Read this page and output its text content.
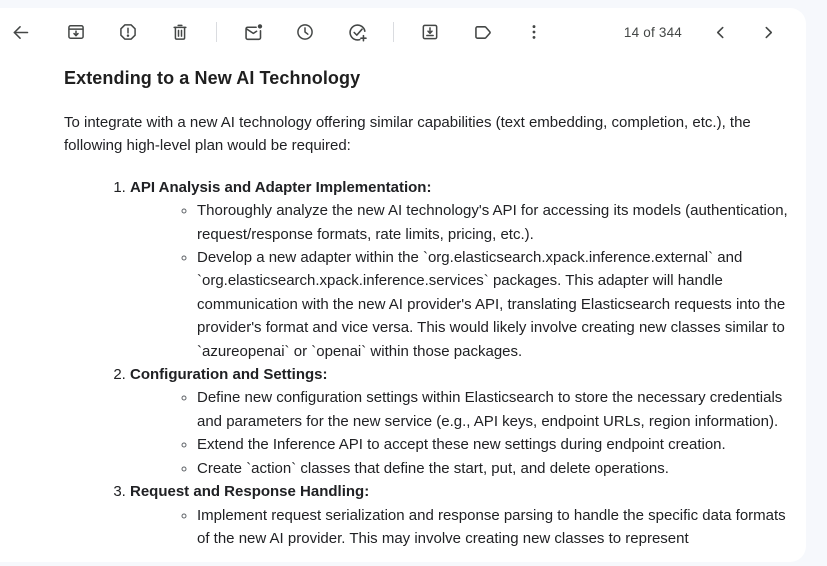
14 of 344
Extending to a New AI Technology

To integrate with a new AI technology offering similar capabilities (text embedding, completion, etc.), the following high-level plan would be required:

1. API Analysis and Adapter Implementation:
◦ Thoroughly analyze the new AI technology's API for accessing its models (authentication, request/response formats, rate limits, pricing, etc.).
◦ Develop a new adapter within the `org.elasticsearch.xpack.inference.external` and `org.elasticsearch.xpack.inference.services` packages. This adapter will handle communication with the new AI provider's API, translating Elasticsearch requests into the provider's format and vice versa. This would likely involve creating new classes similar to `azureopenai` or `openai` within those packages.
2. Configuration and Settings:
◦ Define new configuration settings within Elasticsearch to store the necessary credentials and parameters for the new service (e.g., API keys, endpoint URLs, region information).
◦ Extend the Inference API to accept these new settings during endpoint creation.
◦ Create `action` classes that define the start, put, and delete operations.
3. Request and Response Handling:
◦ Implement request serialization and response parsing to handle the specific data formats of the new AI provider. This may involve creating new classes to represent
